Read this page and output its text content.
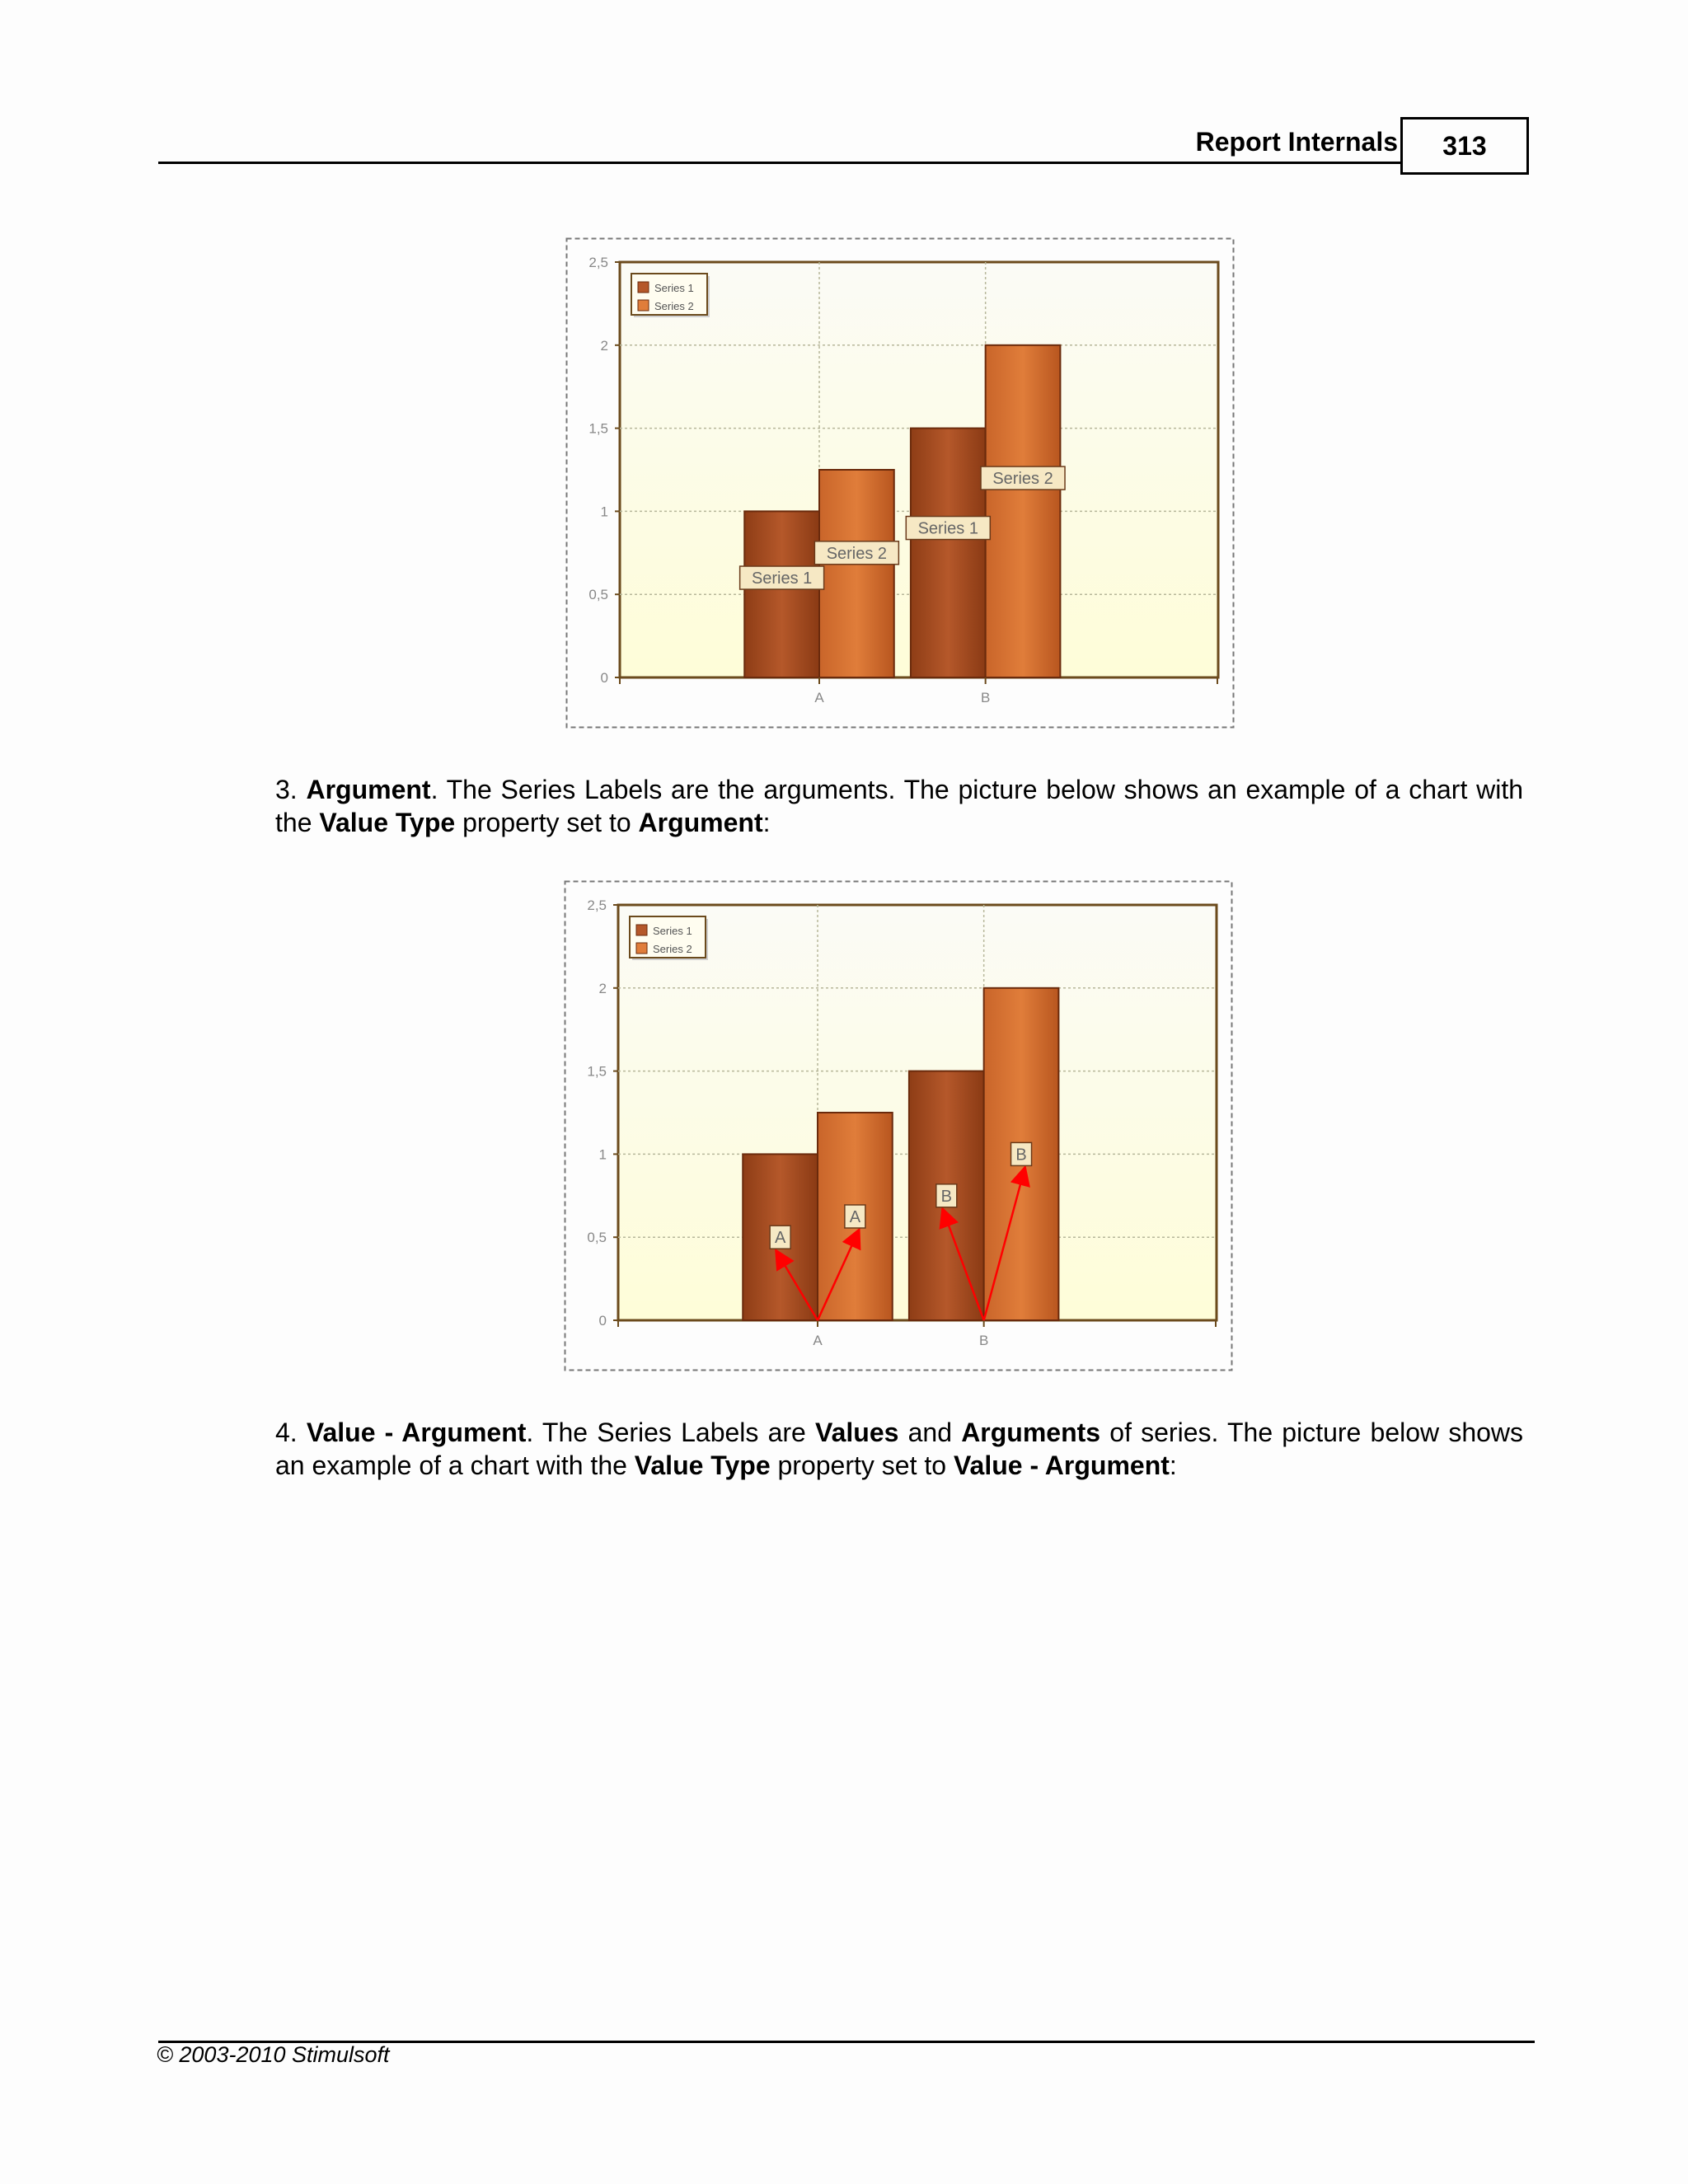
Report Internals 313
0
0,5
1
1,5
2
2,5
A	B
Series 1
Series 1
Series 2
Series 2
Series 1
Series 2
3. Argument. The Series Labels are the arguments. The picture below shows an example of a chart with the Value Type property set to Argument:
0
0,5
1
1,5
2
2,5
A	B
A
B
A
B
Series 1
Series 2
4. Value - Argument. The Series Labels are Values and Arguments of series. The picture below shows an example of a chart with the Value Type property set to Value - Argument:
© 2003-2010 Stimulsoft
